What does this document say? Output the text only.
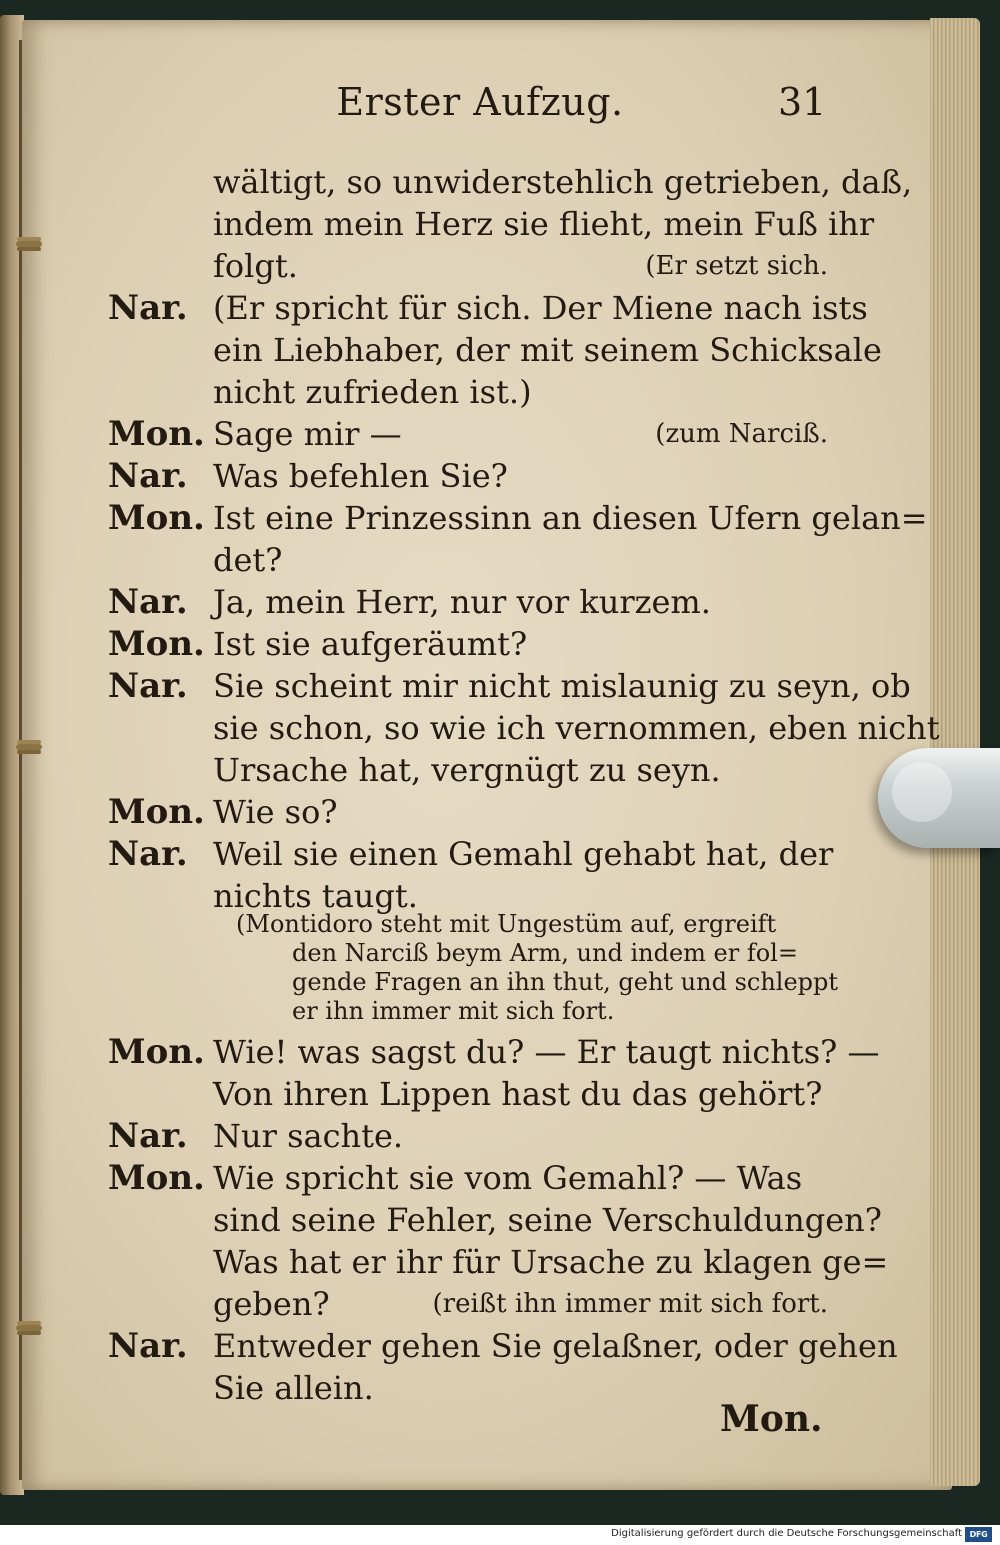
Erster Aufzug.	31
wältigt, so unwiderstehlich getrieben, daß,
indem mein Herz sie flieht, mein Fuß ihr
folgt.	(Er setzt sich.
Nar. (Er spricht für sich. Der Miene nach ists
ein Liebhaber, der mit seinem Schicksale
nicht zufrieden ist.)
Mon. Sage mir —	(zum Narciß.
Nar. Was befehlen Sie?
Mon. Ist eine Prinzessinn an diesen Ufern gelan=
det?
Nar. Ja, mein Herr, nur vor kurzem.
Mon. Ist sie aufgeräumt?
Nar. Sie scheint mir nicht mislaunig zu seyn, ob
sie schon, so wie ich vernommen, eben nicht
Ursache hat, vergnügt zu seyn.
Mon. Wie so?
Nar. Weil sie einen Gemahl gehabt hat, der
nichts taugt.
(Montidoro steht mit Ungestüm auf, ergreift
den Narciß beym Arm, und indem er fol=
gende Fragen an ihn thut, geht und schleppt
er ihn immer mit sich fort.
Mon. Wie! was sagst du? — Er taugt nichts? —
Von ihren Lippen hast du das gehört?
Nar. Nur sachte.
Mon. Wie spricht sie vom Gemahl? — Was
sind seine Fehler, seine Verschuldungen?
Was hat er ihr für Ursache zu klagen ge=
geben?	(reißt ihn immer mit sich fort.
Nar. Entweder gehen Sie gelaßner, oder gehen
Sie allein.
Mon.
Digitalisierung gefördert durch die Deutsche Forschungsgemeinschaft DFG
